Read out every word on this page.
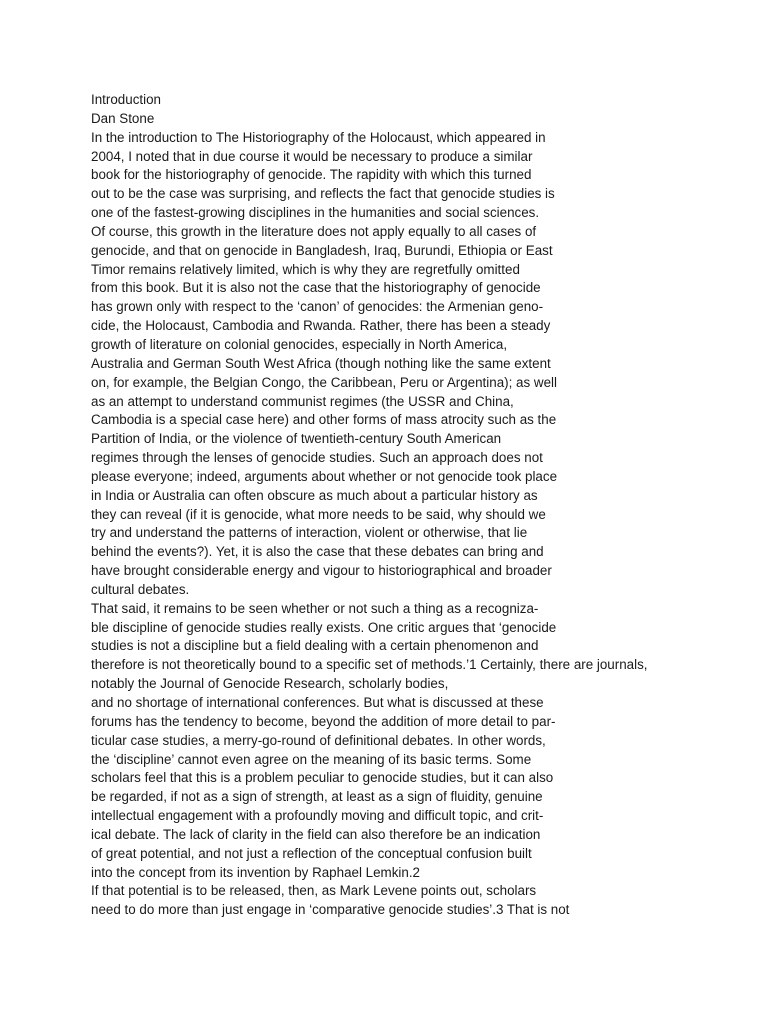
Introduction
Dan Stone
In the introduction to The Historiography of the Holocaust, which appeared in
2004, I noted that in due course it would be necessary to produce a similar
book for the historiography of genocide. The rapidity with which this turned
out to be the case was surprising, and reflects the fact that genocide studies is
one of the fastest-growing disciplines in the humanities and social sciences.
Of course, this growth in the literature does not apply equally to all cases of
genocide, and that on genocide in Bangladesh, Iraq, Burundi, Ethiopia or East
Timor remains relatively limited, which is why they are regretfully omitted
from this book. But it is also not the case that the historiography of genocide
has grown only with respect to the ‘canon’ of genocides: the Armenian geno-
cide, the Holocaust, Cambodia and Rwanda. Rather, there has been a steady
growth of literature on colonial genocides, especially in North America,
Australia and German South West Africa (though nothing like the same extent
on, for example, the Belgian Congo, the Caribbean, Peru or Argentina); as well
as an attempt to understand communist regimes (the USSR and China,
Cambodia is a special case here) and other forms of mass atrocity such as the
Partition of India, or the violence of twentieth-century South American
regimes through the lenses of genocide studies. Such an approach does not
please everyone; indeed, arguments about whether or not genocide took place
in India or Australia can often obscure as much about a particular history as
they can reveal (if it is genocide, what more needs to be said, why should we
try and understand the patterns of interaction, violent or otherwise, that lie
behind the events?). Yet, it is also the case that these debates can bring and
have brought considerable energy and vigour to historiographical and broader
cultural debates.
That said, it remains to be seen whether or not such a thing as a recogniza-
ble discipline of genocide studies really exists. One critic argues that ‘genocide
studies is not a discipline but a field dealing with a certain phenomenon and
therefore is not theoretically bound to a specific set of methods.’1 Certainly, there are journals,
notably the Journal of Genocide Research, scholarly bodies,
and no shortage of international conferences. But what is discussed at these
forums has the tendency to become, beyond the addition of more detail to par-
ticular case studies, a merry-go-round of definitional debates. In other words,
the ‘discipline’ cannot even agree on the meaning of its basic terms. Some
scholars feel that this is a problem peculiar to genocide studies, but it can also
be regarded, if not as a sign of strength, at least as a sign of fluidity, genuine
intellectual engagement with a profoundly moving and difficult topic, and crit-
ical debate. The lack of clarity in the field can also therefore be an indication
of great potential, and not just a reflection of the conceptual confusion built
into the concept from its invention by Raphael Lemkin.2
If that potential is to be released, then, as Mark Levene points out, scholars
need to do more than just engage in ‘comparative genocide studies’.3 That is not
